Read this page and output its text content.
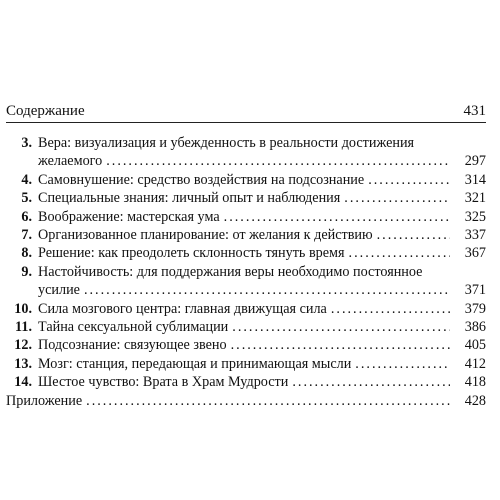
Содержание	431
3. Вера: визуализация и убежденность в реальности достижения
желаемого .....	297
4. Самовнушение: средство воздействия на подсознание .....	314
5. Специальные знания: личный опыт и наблюдения .....	321
6. Воображение: мастерская ума .....	325
7. Организованное планирование: от желания к действию .....	337
8. Решение: как преодолеть склонность тянуть время .....	367
9. Настойчивость: для поддержания веры необходимо постоянное
усилие .....	371
10. Сила мозгового центра: главная движущая сила .....	379
11. Тайна сексуальной сублимации .....	386
12. Подсознание: связующее звено .....	405
13. Мозг: станция, передающая и принимающая мысли .....	412
14. Шестое чувство: Врата в Храм Мудрости .....	418
Приложение .....	428
